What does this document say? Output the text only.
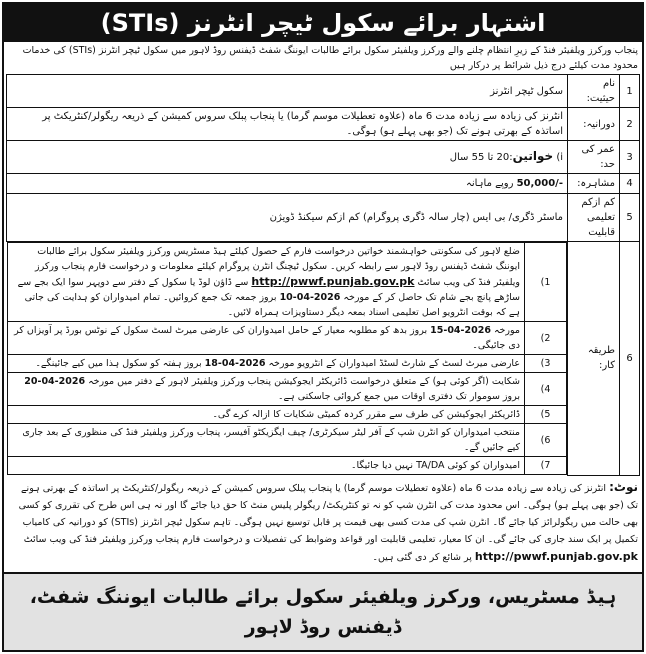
اشتہار برائے سکول ٹیچر انٹرنز (STIs)
پنجاب ورکرز ویلفیئر فنڈ کے زیرِ انتظام چلنے والے ورکرز ویلفیئر سکول برائے طالبات ایوننگ شفٹ ڈیفنس روڈ لاہور میں سکول ٹیچر انٹرنز (STIs) کی خدمات محدود مدت کیلئے درج ذیل شرائط پر درکار ہیں
1	نام حیثیت:	سکول ٹیچر انٹرنز
2	دورانیہ:	انٹرنز کی زیادہ سے زیادہ مدت 6 ماہ (علاوہ تعطیلات موسم گرما) یا پنجاب پبلک سروس کمیشن کے ذریعہ ریگولر/کنٹریکٹ پر اساتذہ کے بھرتی ہونے تک (جو بھی پہلے ہو) ہوگی۔
3	عمر کی حد:	i) خواتین:20 تا 55 سال
4	مشاہرہ:	50,000/- روپے ماہانہ
5	کم ازکم تعلیمی قابلیت	ماسٹر ڈگری/ بی ایس (چار سالہ ڈگری پروگرام) کم ازکم سیکنڈ ڈویژن
6	طریقہ کار:	
(1	ضلع لاہور کی سکونتی خواہشمند خواتین درخواست فارم کے حصول کیلئے ہیڈ مسٹریس ورکرز ویلفیئر سکول برائے طالبات ایوننگ شفٹ ڈیفنس روڈ لاہور سے رابطہ کریں۔ سکول ٹیچنگ انٹرن پروگرام کیلئے معلومات و درخواست فارم پنجاب ورکرز ویلفیئر فنڈ کی ویب سائٹ http://pwwf.punjab.gov.pk سے ڈاؤن لوڈ یا سکول کے دفتر سے دوپہر سوا ایک بجے سے ساڑھے پانچ بجے شام تک حاصل کر کے مورخہ 10-04-2026 بروز جمعہ تک جمع کروائیں۔ تمام امیدواران کو ہدایت کی جاتی ہے کہ بوقت انٹرویو اصل تعلیمی اسناد بمعہ دیگر دستاویزات ہمراہ لائیں۔
(2	مورخہ 15-04-2026 بروز بدھ کو مطلوبہ معیار کے حامل امیدواران کی عارضی میرٹ لسٹ سکول کے نوٹس بورڈ پر آویزاں کر دی جائیگی۔
(3	عارضی میرٹ لسٹ کے شارٹ لسٹڈ امیدواران کے انٹرویو مورخہ 18-04-2026 بروز ہفتہ کو سکول ہذا میں کیے جائینگے۔
(4	شکایت (اگر کوئی ہو) کے متعلق درخواست ڈائریکٹر ایجوکیشن پنجاب ورکرز ویلفیئر لاہور کے دفتر میں مورخہ 20-04-2026 بروز سوموار تک دفتری اوقات میں جمع کروائی جاسکتی ہے۔
(5	ڈائریکٹر ایجوکیشن کی طرف سے مقرر کردہ کمیٹی شکایات کا ازالہ کرے گی۔
(6	منتخب امیدواران کو انٹرن شپ کے آفر لیٹر سیکرٹری/ چیف ایگزیکٹو آفیسر، پنجاب ورکرز ویلفیئر فنڈ کی منظوری کے بعد جاری کیے جائیں گے۔
(7	امیدواران کو کوئی TA/DA نہیں دیا جائیگا۔
نوٹ: انٹرنز کی زیادہ سے زیادہ مدت 6 ماہ (علاوہ تعطیلات موسم گرما) یا پنجاب پبلک سروس کمیشن کے ذریعہ ریگولر/کنٹریکٹ پر اساتذہ کے بھرتی ہونے تک (جو بھی پہلے ہو) ہوگی۔ اس محدود مدت کی انٹرن شپ کو نہ تو کنٹریکٹ/ ریگولر پلیس منٹ کا حق دیا جائے گا اور نہ ہی اس طرح کی تقرری کو کسی بھی حالت میں ریگولرائز کیا جائے گا۔ انٹرن شپ کی مدت کسی بھی قیمت پر قابل توسیع نہیں ہوگی۔ تاہم سکول ٹیچر انٹرنز (STIs) کو دورانیہ کی کامیاب تکمیل پر ایک سند جاری کی جائے گی۔ ان کا معیار، تعلیمی قابلیت اور قواعد وضوابط کی تفصیلات و درخواست فارم پنجاب ورکرز ویلفیئر فنڈ کی ویب سائٹ http://pwwf.punjab.gov.pk پر شائع کر دی گئی ہیں۔
ہیڈ مسٹریس، ورکرز ویلفیئر سکول برائے طالبات ایوننگ شفٹ، ڈیفنس روڈ لاہور
